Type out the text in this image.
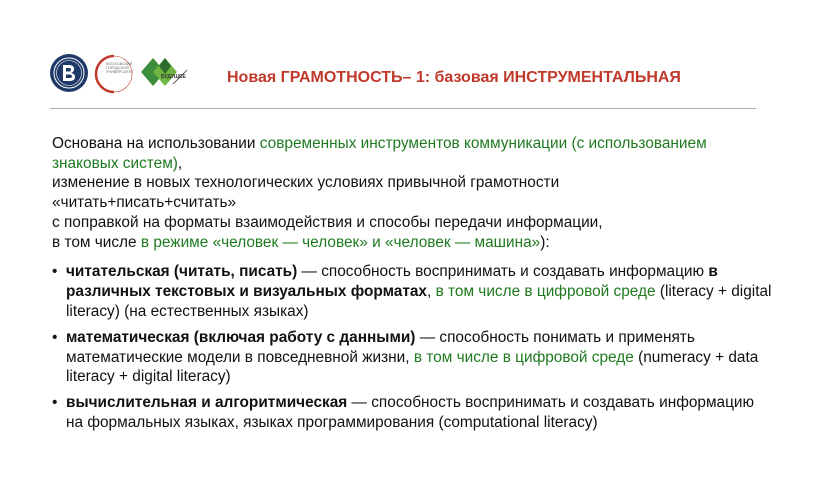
МОСКОВСКИЙ ГОРОДСКОЙ УНИВЕРСИТЕТ
БУДУЩЕЕ	Новая ГРАМОТНОСТЬ– 1: базовая ИНСТРУМЕНТАЛЬНАЯ

Основана на использовании современных инструментов коммуникации (с использованием знаковых систем),

изменение в новых технологических условиях привычной грамотности

«читать+писать+считать»

с поправкой на форматы взаимодействия и способы передачи информации,

в том числе в режиме «человек — человек» и «человек — машина»):

• читательская (читать, писать) — способность воспринимать и создавать информацию в различных текстовых и визуальных форматах, в том числе в цифровой среде (literacy + digital literacy) (на естественных языках)
• математическая (включая работу с данными) — способность понимать и применять математические модели в повседневной жизни, в том числе в цифровой среде (numeracy + data literacy + digital literacy)
• вычислительная и алгоритмическая — способность воспринимать и создавать информацию на формальных языках, языках программирования (computational literacy)
